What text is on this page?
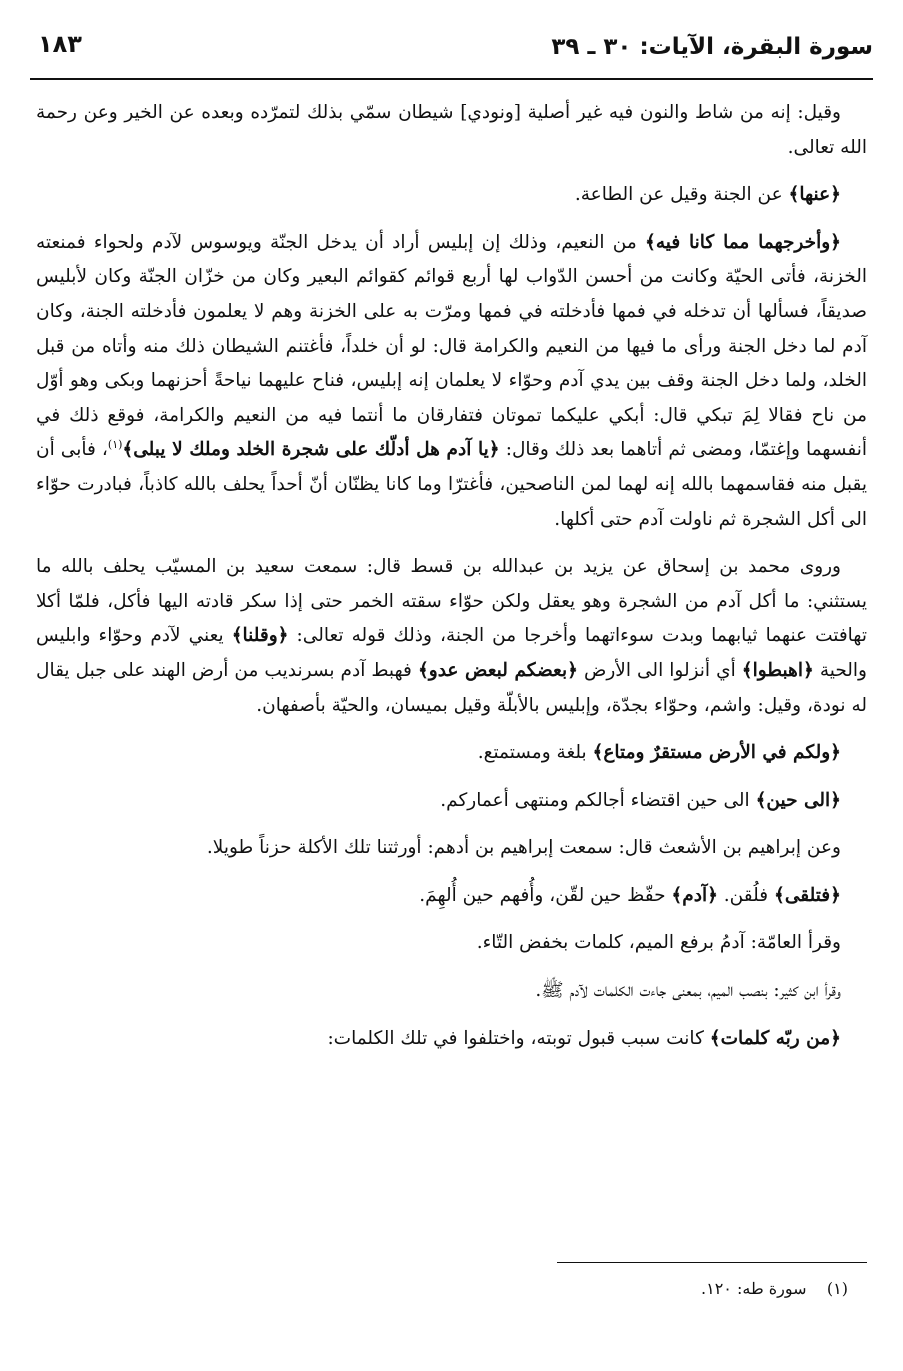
سورة البقرة، الآيات: ٣٠ ـ ٣٩
١٨٣

وقيل: إنه من شاط والنون فيه غير أصلية [ونودي] شيطان سمّي بذلك لتمرّده وبعده عن الخير وعن رحمة الله تعالى.

﴿عنها﴾ عن الجنة وقيل عن الطاعة.

﴿وأخرجهما مما كانا فيه﴾ من النعيم، وذلك إن إبليس أراد أن يدخل الجنّة ويوسوس لآدم ولحواء فمنعته الخزنة، فأتى الحيّة وكانت من أحسن الدّواب لها أربع قوائم كقوائم البعير وكان من خزّان الجنّة وكان لأبليس صديقاً، فسألها أن تدخله في فمها فأدخلته في فمها ومرّت به على الخزنة وهم لا يعلمون فأدخلته الجنة، وكان آدم لما دخل الجنة ورأى ما فيها من النعيم والكرامة قال: لو أن خلداً، فأغتنم الشيطان ذلك منه وأتاه من قبل الخلد، ولما دخل الجنة وقف بين يدي آدم وحوّاء لا يعلمان إنه إبليس، فناح عليهما نياحةً أحزنهما وبكى وهو أوّل من ناح فقالا لِمَ تبكي قال: أبكي عليكما تموتان فتفارقان ما أنتما فيه من النعيم والكرامة، فوقع ذلك في أنفسهما وإغتمّا، ومضى ثم أتاهما بعد ذلك وقال: ﴿يا آدم هل أدلّك على شجرة الخلد وملك لا يبلى﴾$^{(١)}$، فأبى أن يقبل منه فقاسمهما بالله إنه لهما لمن الناصحين، فأغترّا وما كانا يظنّان أنّ أحداً يحلف بالله كاذباً، فبادرت حوّاء الى أكل الشجرة ثم ناولت آدم حتى أكلها.

وروى محمد بن إسحاق عن يزيد بن عبدالله بن قسط قال: سمعت سعيد بن المسيّب يحلف بالله ما يستثني: ما أكل آدم من الشجرة وهو يعقل ولكن حوّاء سقته الخمر حتى إذا سكر قادته اليها فأكل، فلمّا أكلا تهافتت عنهما ثيابهما وبدت سوءاتهما وأخرجا من الجنة، وذلك قوله تعالى: ﴿وقلنا﴾ يعني لآدم وحوّاء وابليس والحية ﴿اهبطوا﴾ أي أنزلوا الى الأرض ﴿بعضكم لبعض عدو﴾ فهبط آدم بسرنديب من أرض الهند على جبل يقال له نودة، وقيل: واشم، وحوّاء بجدّة، وإبليس بالأبلّة وقيل بميسان، والحيّة بأصفهان.

﴿ولكم في الأرض مستقرٌ ومتاع﴾ بلغة ومستمتع.

﴿الى حين﴾ الى حين اقتضاء أجالكم ومنتهى أعماركم.

وعن إبراهيم بن الأشعث قال: سمعت إبراهيم بن أدهم: أورثتنا تلك الأكلة حزناً طويلا.

﴿فتلقى﴾ فلُقن. ﴿آدم﴾ حفّظ حين لقّن، وأُفهم حين أُلهِمَ.

وقرأ العامّة: آدمُ برفع الميم، كلمات بخفض التّاء.

وقرأ ابن كثير: بنصب الميم، بمعنى جاءت الكلمات لآدم ﷺ.

﴿من ربّه كلمات﴾ كانت سبب قبول توبته، واختلفوا في تلك الكلمات:

(١)    سورة طه: ١٢٠.
